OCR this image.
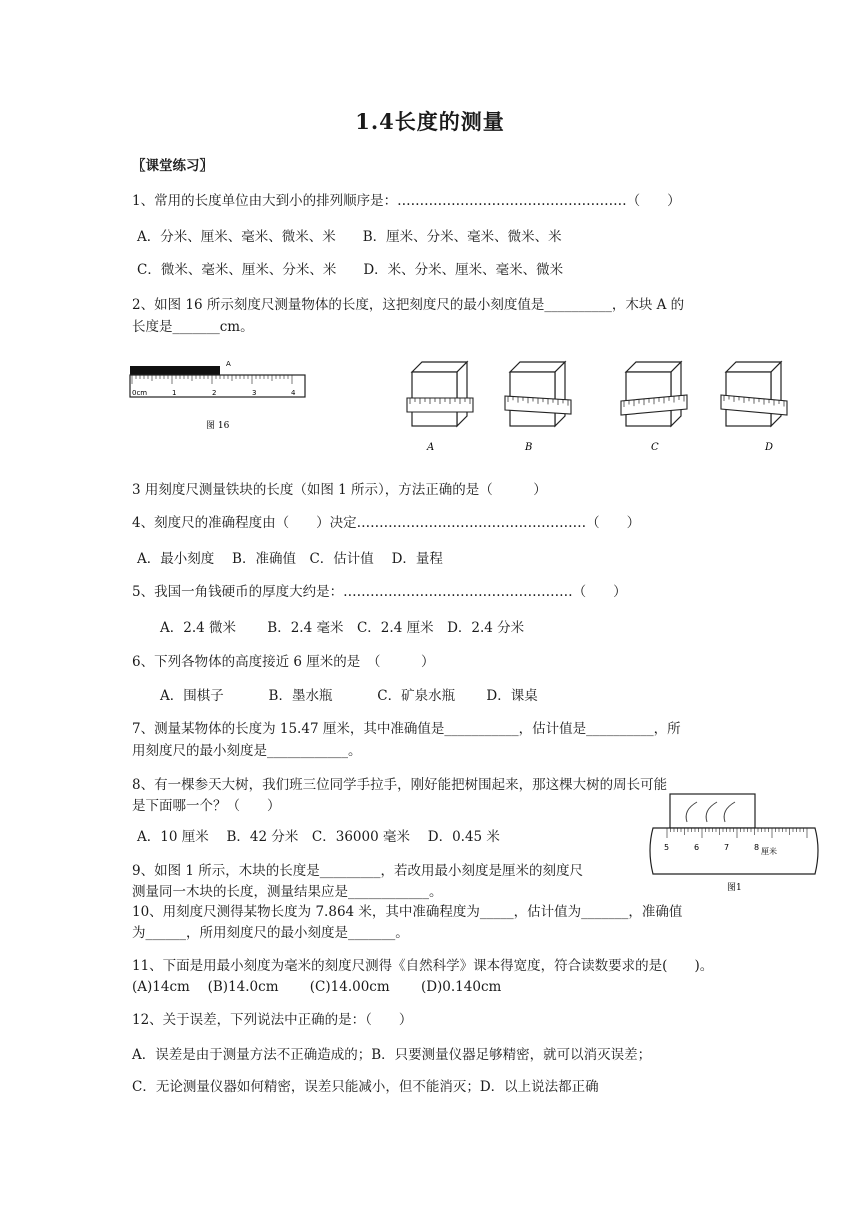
1.4长度的测量
〖课堂练习〗
1、常用的长度单位由大到小的排列顺序是：……………………………………………（　　）
A．分米、厘米、毫米、微米、米　　B．厘米、分米、毫米、微米、米
C．微米、毫米、厘米、分米、米　　D．米、分米、厘米、毫米、微米
2、如图 16 所示刻度尺测量物体的长度，这把刻度尺的最小刻度值是__________，木块 A 的
长度是_______cm。
A
0cm	1	2	3	4
图 16
A	B	C	D
3 用刻度尺测量铁块的长度（如图 1 所示），方法正确的是（　　　）
4、刻度尺的准确程度由（　　）决定……………………………………………（　　）
A．最小刻度　 B．准确值　C．估计值　 D．量程
5、我国一角钱硬币的厚度大约是：……………………………………………（　　）
A．2.4 微米　　 B．2.4 毫米　C．2.4 厘米　D．2.4 分米
6、下列各物体的高度接近 6 厘米的是　（　　　）
A．围棋子　　　 B．墨水瓶　　　 C．矿泉水瓶　　 D．课桌
7、测量某物体的长度为 15.47 厘米，其中准确值是___________，估计值是__________，所
用刻度尺的最小刻度是____________。
8、有一棵参天大树，我们班三位同学手拉手，刚好能把树围起来，那这棵大树的周长可能
是下面哪一个？（　　）
A．10 厘米　 B．42 分米　C．36000 毫米　 D．0.45 米
5	6	7	8 厘米
图1
9、如图 1 所示，木块的长度是_________，若改用最小刻度是厘米的刻度尺
测量同一木块的长度，测量结果应是____________。
10、用刻度尺测得某物长度为 7.864 米，其中准确程度为_____，估计值为_______，准确值
为______，所用刻度尺的最小刻度是_______。
11、下面是用最小刻度为毫米的刻度尺测得《自然科学》课本得宽度，符合读数要求的是(　　)。
(A)14cm　 (B)14.0cm　　 (C)14.00cm　　 (D)0.140cm
12、关于误差，下列说法中正确的是：（　　）
A．误差是由于测量方法不正确造成的；B．只要测量仪器足够精密，就可以消灭误差；
C．无论测量仪器如何精密，误差只能减小，但不能消灭；D．以上说法都正确
